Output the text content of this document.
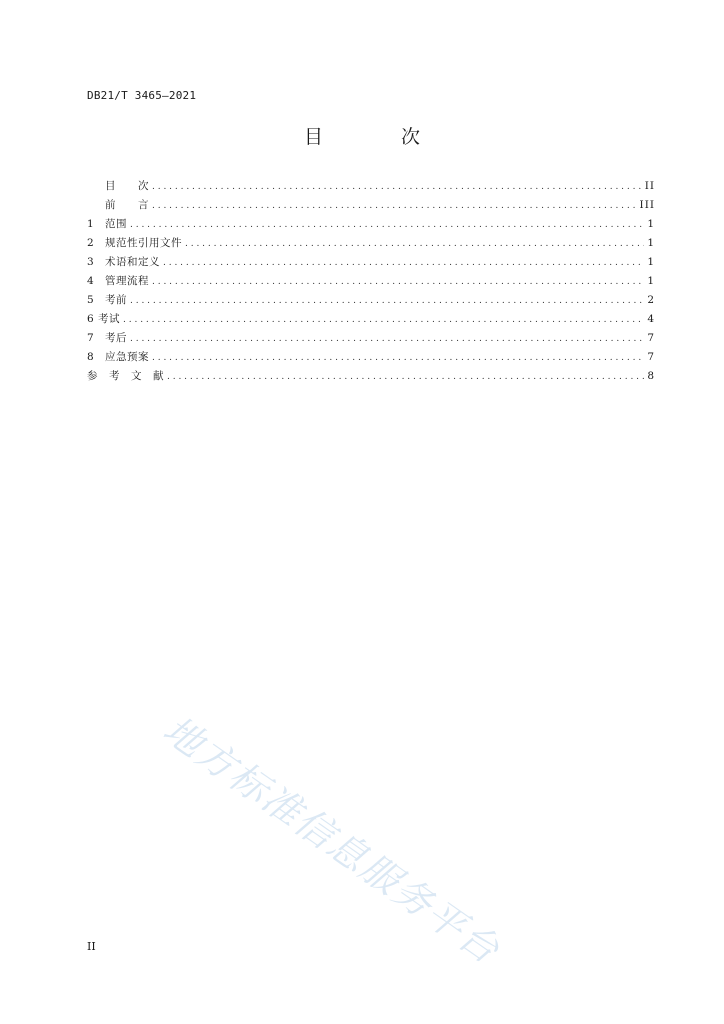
DB21/T 3465—2021
目 次
目　　次 . . .	II
前　　言 . . .	III
1 范围 . . .	1
2 规范性引用文件 . . .	1
3 术语和定义 . . .	1
4 管理流程 . . .	1
5 考前 . . .	2
6 考试 . . .	4
7 考后 . . .	7
8 应急预案 . . .	7
参　考　文　献 . . .	8
地方标准信息服务平台
II
